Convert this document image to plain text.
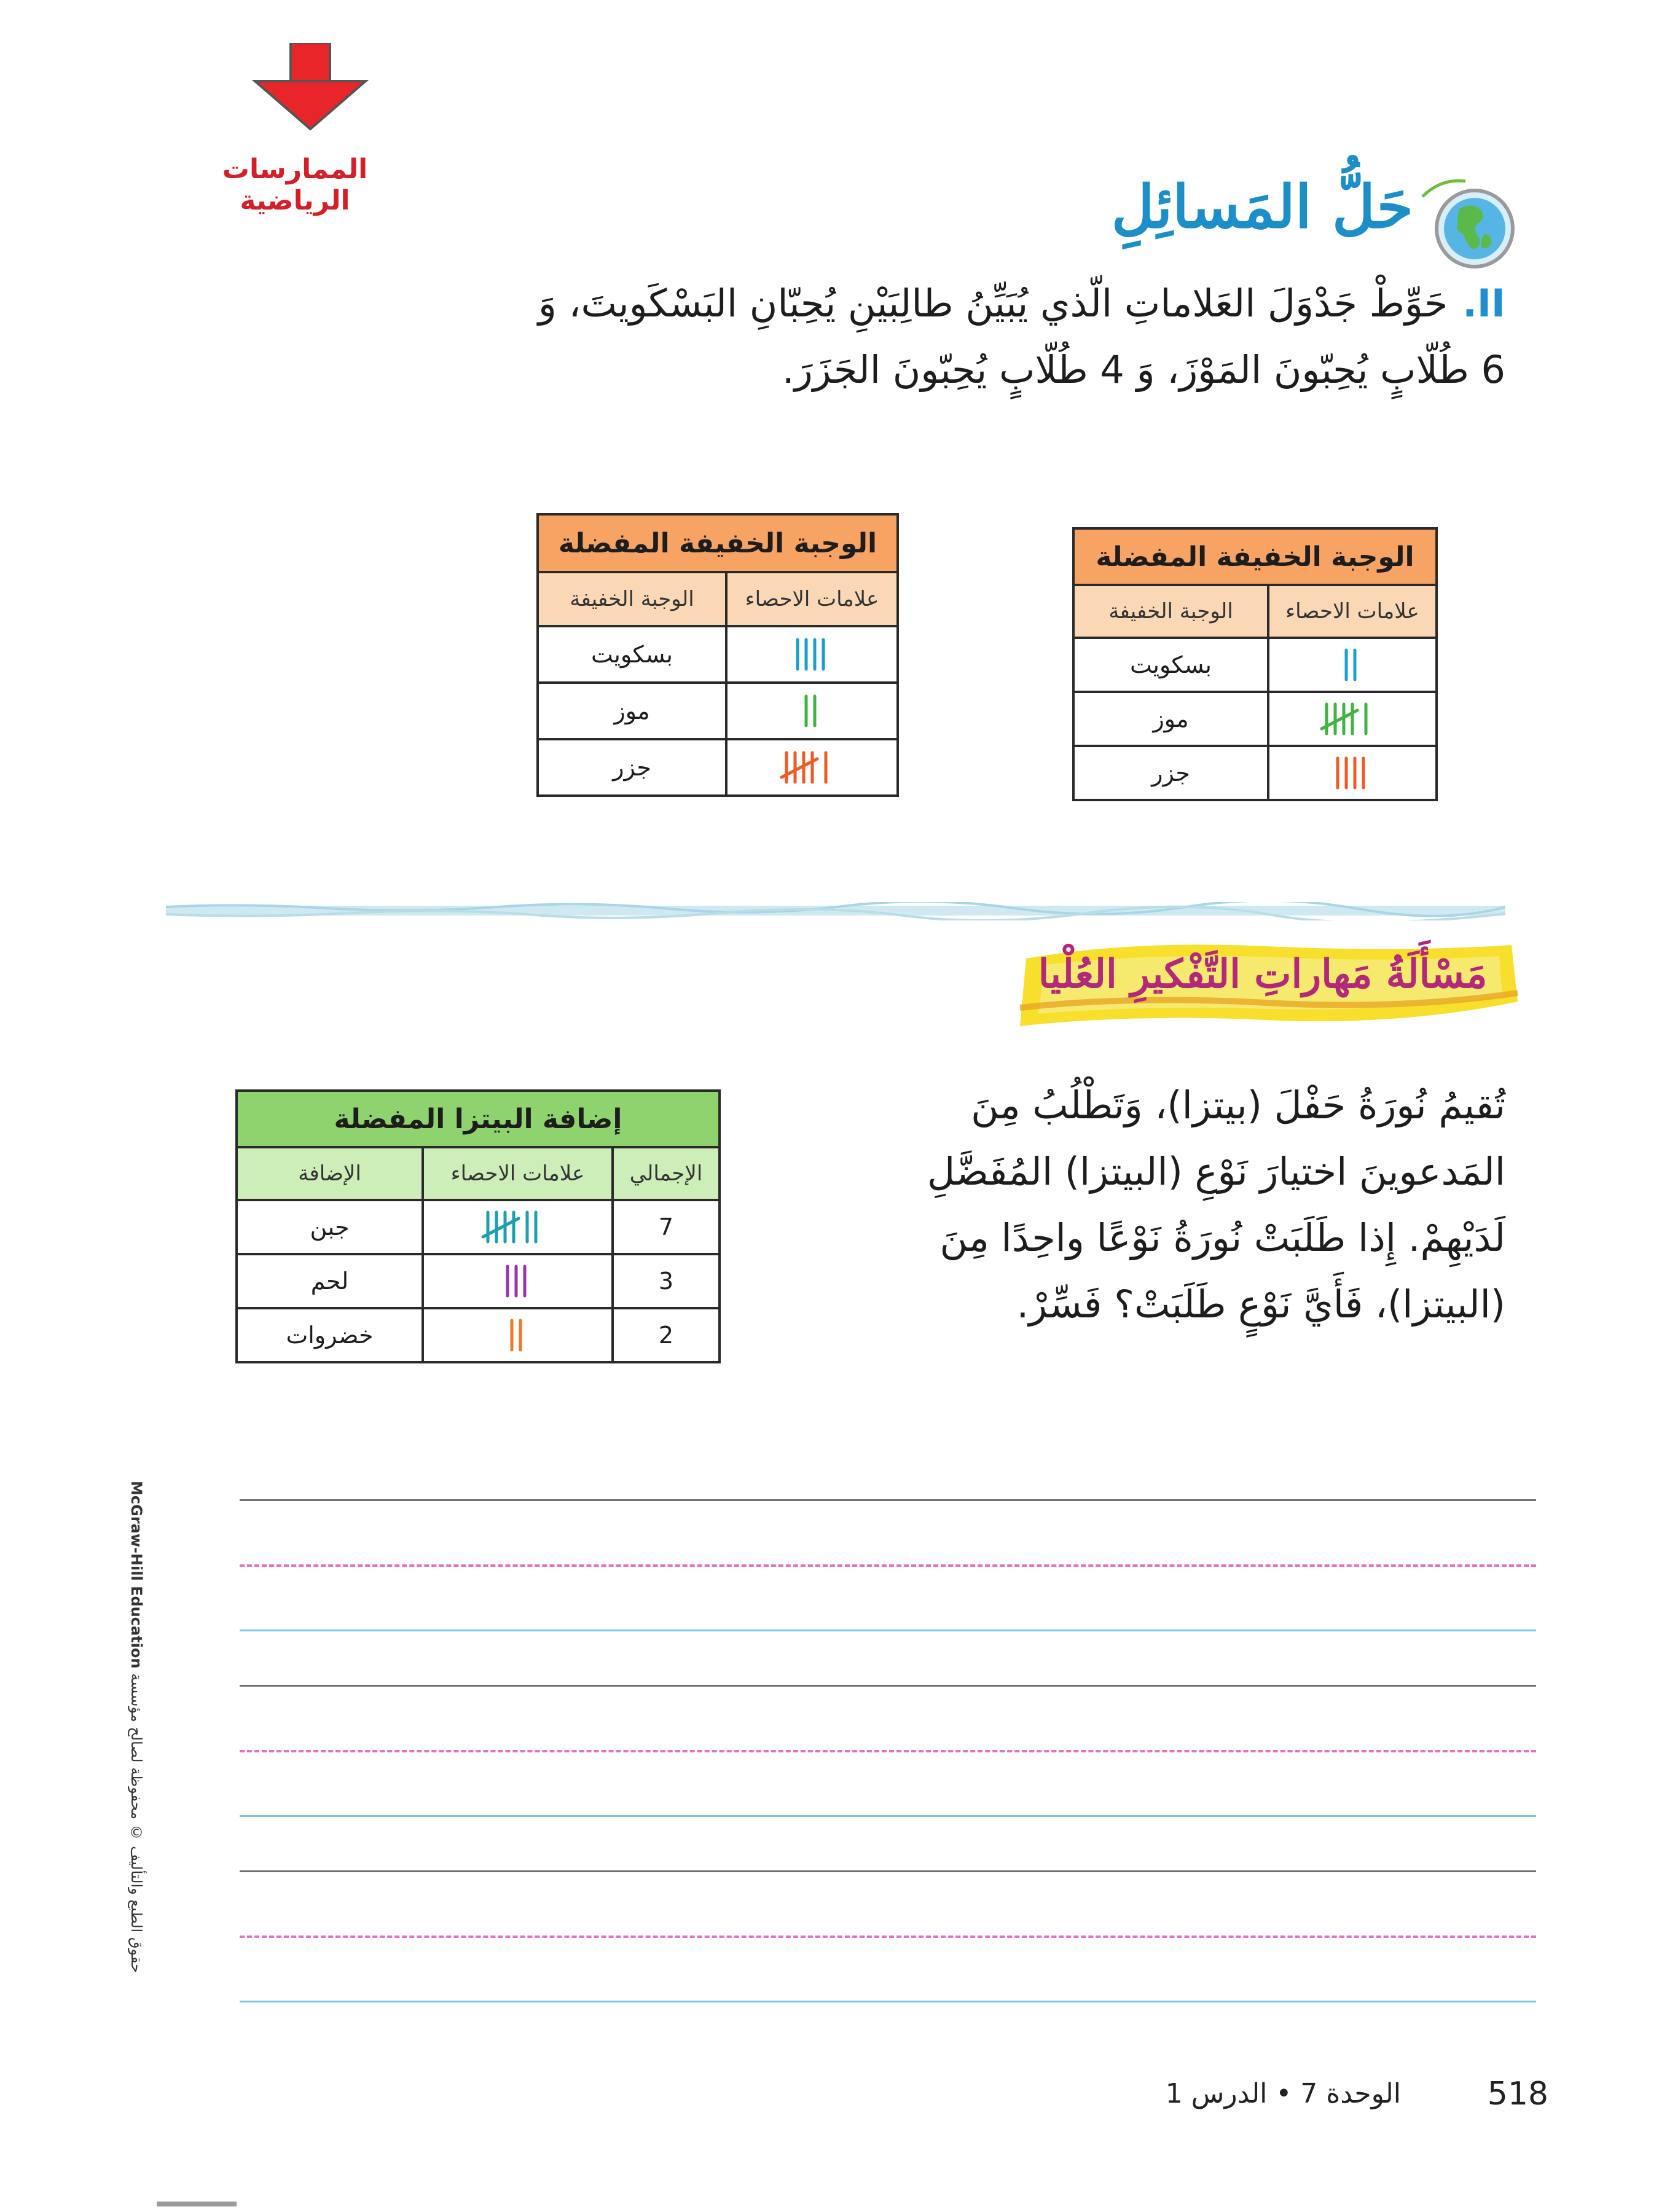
الممارسات الرياضية	حَلُّ المَسائِلِ
II.حَوِّطْ جَدْوَلَ العَلاماتِ الّذي يُبَيِّنُ طالِبَيْنِ يُحِبّانِ البَسْكَويتَ، وَ 6 طُلّابٍ يُحِبّونَ المَوْزَ، وَ 4 طُلّابٍ يُحِبّونَ الجَزَرَ.
الوجبة الخفيفة المفضلة	
علامات الاحصاء	الوجبة الخفيفة

	بسكويت

	موز

	جزر
الوجبة الخفيفة المفضلة	
علامات الاحصاء	الوجبة الخفيفة

	بسكويت

	موز

	جزر
مَسْأَلَةُ مَهاراتِ التَّفْكيرِ العُلْيا
تُقيمُ نُورَةُ حَفْلَ (بيتزا)، وَتَطْلُبُ مِنَ المَدعوينَ اختيارَ نَوْعِ (البيتزا) المُفَضَّلِ لَدَيْهِمْ. إِذا طَلَبَتْ نُورَةُ نَوْعًا واحِدًا مِنَ (البيتزا)، فَأَيَّ نَوْعٍ طَلَبَتْ؟ فَسِّرْ.
إضافة البيتزا المفضلة		
الإجمالي	علامات الاحصاء	الإضافة
7		جبن
3		لحم
2		خضروات
McGraw-Hill Education حقوق الطبع والتأليف © محفوظة لصالح مؤسسة
الوحدة 7 • الدرس 1	518
